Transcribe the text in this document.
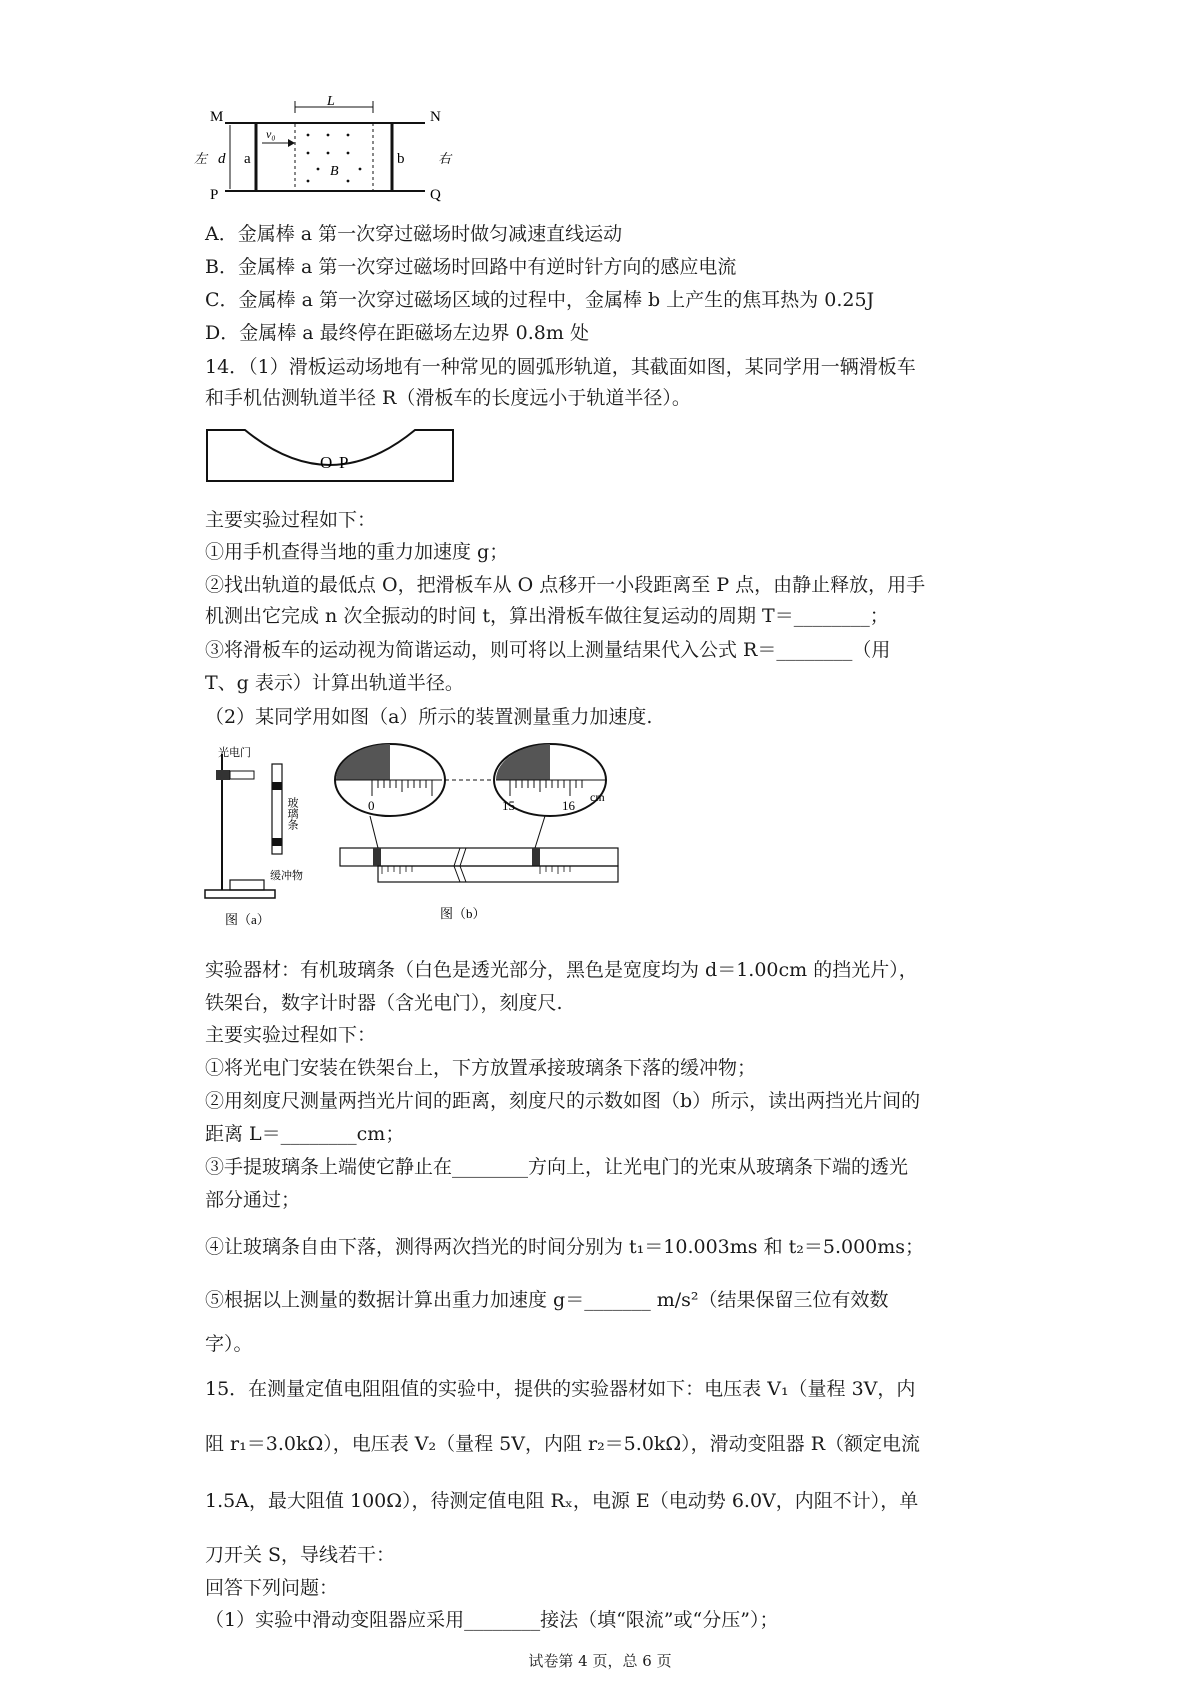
M	N
P	Q
左	右
d a	b
L
v₀
B
A．金属棒 a 第一次穿过磁场时做匀减速直线运动
B．金属棒 a 第一次穿过磁场时回路中有逆时针方向的感应电流
C．金属棒 a 第一次穿过磁场区域的过程中，金属棒 b 上产生的焦耳热为 0.25J
D．金属棒 a 最终停在距磁场左边界 0.8m 处
14．（1）滑板运动场地有一种常见的圆弧形轨道，其截面如图，某同学用一辆滑板车
和手机估测轨道半径 R（滑板车的长度远小于轨道半径）。
O P
主要实验过程如下：
①用手机查得当地的重力加速度 g；
②找出轨道的最低点 O，把滑板车从 O 点移开一小段距离至 P 点，由静止释放，用手
机测出它完成 n 次全振动的时间 t，算出滑板车做往复运动的周期 T＝________；
③将滑板车的运动视为简谐运动，则可将以上测量结果代入公式 R＝________（用
T、g 表示）计算出轨道半径。
（2）某同学用如图（a）所示的装置测量重力加速度.
光电门
玻璃条
缓冲物
图（a）
0	15	16
cm
图（b）
实验器材：有机玻璃条（白色是透光部分，黑色是宽度均为 d＝1.00cm 的挡光片），
铁架台，数字计时器（含光电门），刻度尺.
主要实验过程如下：
①将光电门安装在铁架台上，下方放置承接玻璃条下落的缓冲物；
②用刻度尺测量两挡光片间的距离，刻度尺的示数如图（b）所示，读出两挡光片间的
距离 L＝________cm；
③手提玻璃条上端使它静止在________方向上，让光电门的光束从玻璃条下端的透光
部分通过；
④让玻璃条自由下落，测得两次挡光的时间分别为 t₁＝10.003ms 和 t₂＝5.000ms；
⑤根据以上测量的数据计算出重力加速度 g＝_______ m/s²（结果保留三位有效数
字）。
15．在测量定值电阻阻值的实验中，提供的实验器材如下：电压表 V₁（量程 3V，内
阻 r₁＝3.0kΩ），电压表 V₂（量程 5V，内阻 r₂＝5.0kΩ），滑动变阻器 R（额定电流
1.5A，最大阻值 100Ω），待测定值电阻 Rₓ，电源 E（电动势 6.0V，内阻不计），单
刀开关 S，导线若干：
回答下列问题：
（1）实验中滑动变阻器应采用________接法（填“限流”或“分压”）；
试卷第 4 页，总 6 页
